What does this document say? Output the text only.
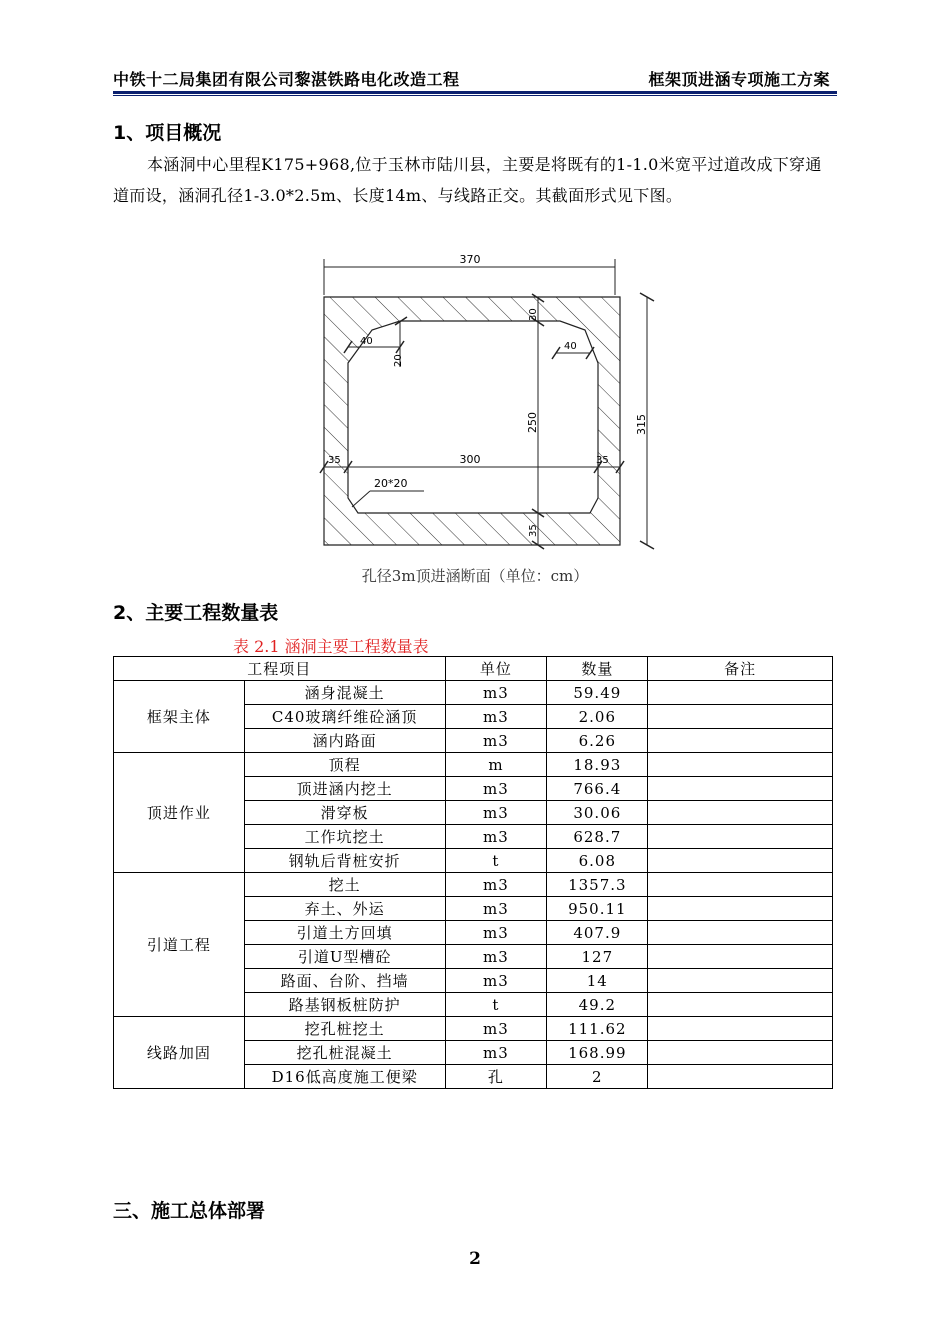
中铁十二局集团有限公司黎湛铁路电化改造工程	框架顶进涵专项施工方案
1、项目概况

本涵洞中心里程K175+968,位于玉林市陆川县，主要是将既有的1-1.0米宽平过道改成下穿通道而设，涵洞孔径1-3.0*2.5m、长度14m、与线路正交。其截面形式见下图。

370
315
250
30
35
300
35	35
40
20
40
20*20
孔径3m顶进涵断面（单位：cm）
2、主要工程数量表
表 2.1 涵洞主要工程数量表
工程项目		单位	数量	备注
框架主体	涵身混凝土	m3	59.49	
	C40玻璃纤维砼涵顶	m3	2.06	
	涵内路面	m3	6.26	
顶进作业	顶程	m	18.93	
	顶进涵内挖土	m3	766.4	
	滑穿板	m3	30.06	
	工作坑挖土	m3	628.7	
	钢轨后背桩安折	t	6.08	
引道工程	挖土	m3	1357.3	
	弃土、外运	m3	950.11	
	引道土方回填	m3	407.9	
	引道U型槽砼	m3	127	
	路面、台阶、挡墙	m3	14	
	路基钢板桩防护	t	49.2	
线路加固	挖孔桩挖土	m3	111.62	
	挖孔桩混凝土	m3	168.99	
	D16低高度施工便梁	孔	2	
三、施工总体部署
2
